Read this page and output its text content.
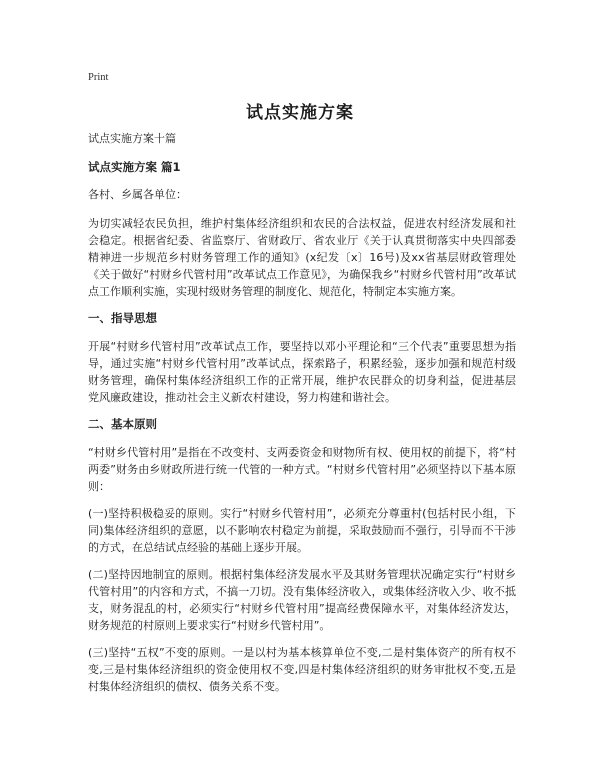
Print
试点实施方案
试点实施方案十篇
试点实施方案 篇1
各村、乡属各单位：

为切实减轻农民负担，维护村集体经济组织和农民的合法权益，促进农村经济发展和社会稳定。根据省纪委、省监察厅、省财政厅、省农业厅《关于认真贯彻落实中央四部委精神进一步规范乡村财务管理工作的通知》(x纪发〔x〕16号)及xx省基层财政管理处《关于做好“村财乡代管村用”改革试点工作意见》，为确保我乡“村财乡代管村用”改革试点工作顺利实施，实现村级财务管理的制度化、规范化，特制定本实施方案。

一、指导思想

开展“村财乡代管村用”改革试点工作，要坚持以邓小平理论和“三个代表”重要思想为指导，通过实施“村财乡代管村用”改革试点，探索路子，积累经验，逐步加强和规范村级财务管理，确保村集体经济组织工作的正常开展，维护农民群众的切身利益，促进基层党风廉政建设，推动社会主义新农村建设，努力构建和谐社会。

二、基本原则

“村财乡代管村用”是指在不改变村、支两委资金和财物所有权、使用权的前提下，将“村两委”财务由乡财政所进行统一代管的一种方式。“村财乡代管村用”必须坚持以下基本原则：

(一)坚持积极稳妥的原则。实行“村财乡代管村用”，必须充分尊重村(包括村民小组，下同)集体经济组织的意愿，以不影响农村稳定为前提，采取鼓励而不强行，引导而不干涉的方式，在总结试点经验的基础上逐步开展。

(二)坚持因地制宜的原则。根据村集体经济发展水平及其财务管理状况确定实行“村财乡代管村用”的内容和方式，不搞一刀切。没有集体经济收入，或集体经济收入少、收不抵支，财务混乱的村，必须实行“村财乡代管村用”提高经费保障水平，对集体经济发达，财务规范的村原则上要求实行“村财乡代管村用”。

(三)坚持“五权”不变的原则。一是以村为基本核算单位不变,二是村集体资产的所有权不变,三是村集体经济组织的资金使用权不变,四是村集体经济组织的财务审批权不变,五是村集体经济组织的债权、债务关系不变。
